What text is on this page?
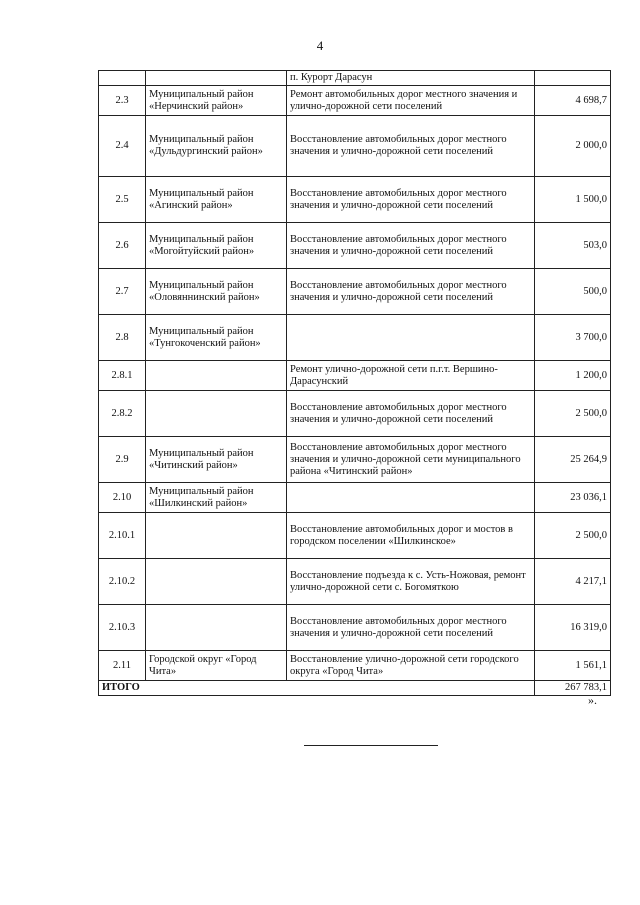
4
		п. Курорт Дарасун	
2.3	Муниципальный район «Нерчинский район»	Ремонт автомобильных дорог местного значения и улично-дорожной сети поселений	4 698,7
2.4	Муниципальный район «Дульдургинский район»	Восстановление автомобильных дорог местного значения и улично-дорожной сети поселений	2 000,0
2.5	Муниципальный район «Агинский район»	Восстановление автомобильных дорог местного значения и улично-дорожной сети поселений	1 500,0
2.6	Муниципальный район «Могойтуйский район»	Восстановление автомобильных дорог местного значения и улично-дорожной сети поселений	503,0
2.7	Муниципальный район «Оловяннинский район»	Восстановление автомобильных дорог местного значения и улично-дорожной сети поселений	500,0
2.8	Муниципальный район «Тунгокоченский район»		3 700,0
2.8.1		Ремонт улично-дорожной сети п.г.т. Вершино-Дарасунский	1 200,0
2.8.2		Восстановление автомобильных дорог местного значения и улично-дорожной сети поселений	2 500,0
2.9	Муниципальный район «Читинский район»	Восстановление автомобильных дорог местного значения и улично-дорожной сети муниципального района «Читинский район»	25 264,9
2.10	Муниципальный район «Шилкинский район»		23 036,1
2.10.1		Восстановление автомобильных дорог и мостов в городском поселении «Шилкинское»	2 500,0
2.10.2		Восстановление подъезда к с. Усть-Ножовая, ремонт улично-дорожной сети с. Богомяткою	4 217,1
2.10.3		Восстановление автомобильных дорог местного значения и улично-дорожной сети поселений	16 319,0
2.11	Городской округ «Город Чита»	Восстановление улично-дорожной сети городского округа «Город Чита»	1 561,1
ИТОГО			267 783,1
».
